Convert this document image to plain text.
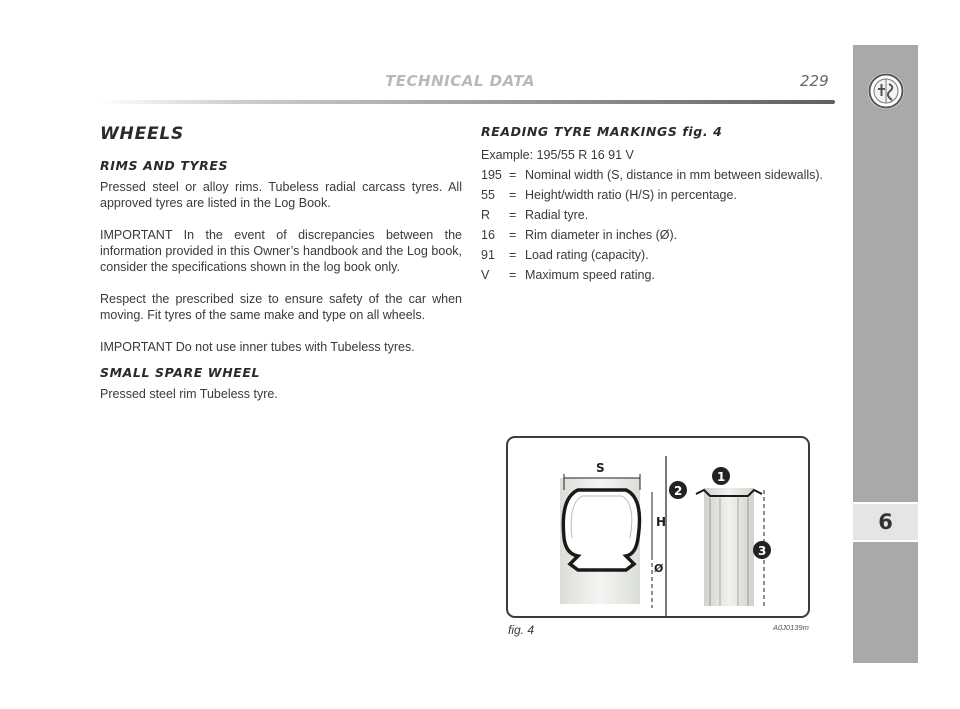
TECHNICAL DATA	229
6
WHEELS
RIMS AND TYRES

Pressed steel or alloy rims. Tubeless radial carcass tyres. All approved tyres are listed in the Log Book.

IMPORTANT In the event of discrepancies between the information provided in this Owner’s handbook and the Log book, consider the specifications shown in the log book only.

Respect the prescribed size to ensure safety of the car when moving. Fit tyres of the same make and type on all wheels.

IMPORTANT Do not use inner tubes with Tubeless tyres.

SMALL SPARE WHEEL

Pressed steel rim Tubeless tyre.

READING TYRE MARKINGS fig. 4
Example: 195/55 R 16 91 V
195 = Nominal width (S, distance in mm between sidewalls).
55	= Height/width ratio (H/S) in percentage.
R	= Radial tyre.
16	= Rim diameter in inches (Ø).
91	= Load rating (capacity).
V	= Maximum speed rating.
S
H
Ø
1
2
3
fig. 4	A0J0139m
